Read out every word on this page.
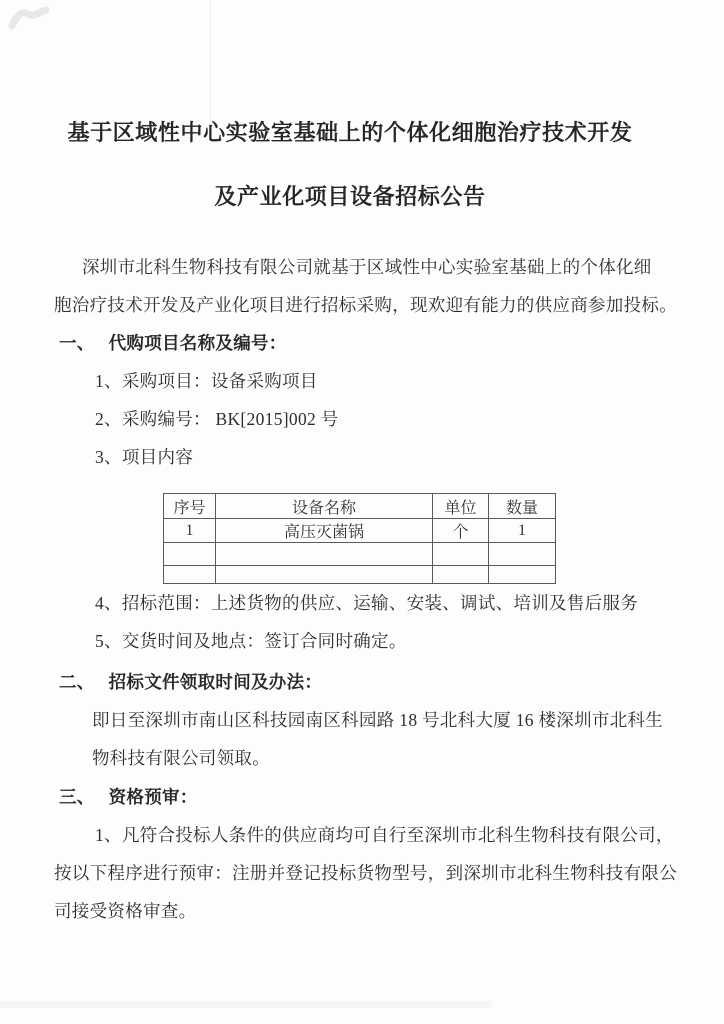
基于区域性中心实验室基础上的个体化细胞治疗技术开发
及产业化项目设备招标公告

深圳市北科生物科技有限公司就基于区域性中心实验室基础上的个体化细

胞治疗技术开发及产业化项目进行招标采购，现欢迎有能力的供应商参加投标。

一、 代购项目名称及编号：

1、采购项目：设备采购项目

2、采购编号： BK[2015]002 号

3、项目内容

序号	设备名称	单位	数量
1	高压灭菌锅	个	1

4、招标范围：上述货物的供应、运输、安装、调试、培训及售后服务

5、交货时间及地点：签订合同时确定。

二、 招标文件领取时间及办法：

即日至深圳市南山区科技园南区科园路 18 号北科大厦 16 楼深圳市北科生

物科技有限公司领取。

三、 资格预审：

1、凡符合投标人条件的供应商均可自行至深圳市北科生物科技有限公司，

按以下程序进行预审：注册并登记投标货物型号，到深圳市北科生物科技有限公

司接受资格审查。
